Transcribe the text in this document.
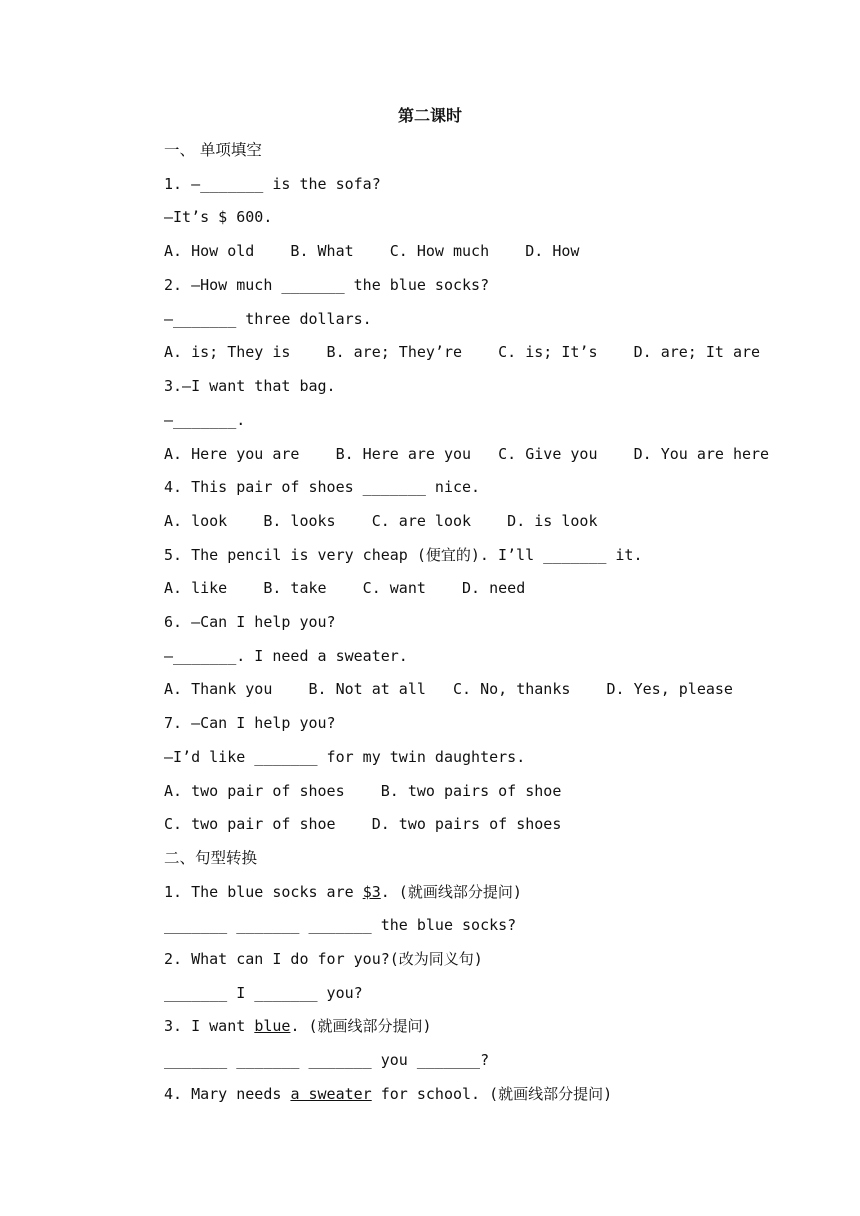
第二课时
一、 单项填空
1. —_______ is the sofa?
—It’s $ 600.
A. How old    B. What    C. How much    D. How
2. —How much _______ the blue socks?
—_______ three dollars.
A. is; They is    B. are; They’re    C. is; It’s    D. are; It are
3.—I want that bag.
—_______.
A. Here you are    B. Here are you   C. Give you    D. You are here
4. This pair of shoes _______ nice.
A. look    B. looks    C. are look    D. is look
5. The pencil is very cheap (便宜的). I’ll _______ it.
A. like    B. take    C. want    D. need
6. —Can I help you?
—_______. I need a sweater.
A. Thank you    B. Not at all   C. No, thanks    D. Yes, please
7. —Can I help you?
—I’d like _______ for my twin daughters.
A. two pair of shoes    B. two pairs of shoe
C. two pair of shoe    D. two pairs of shoes
二、句型转换
1. The blue socks are $3. (就画线部分提问)
_______ _______ _______ the blue socks?
2. What can I do for you?(改为同义句)
_______ I _______ you?
3. I want blue. (就画线部分提问)
_______ _______ _______ you _______?
4. Mary needs a sweater for school. (就画线部分提问)
